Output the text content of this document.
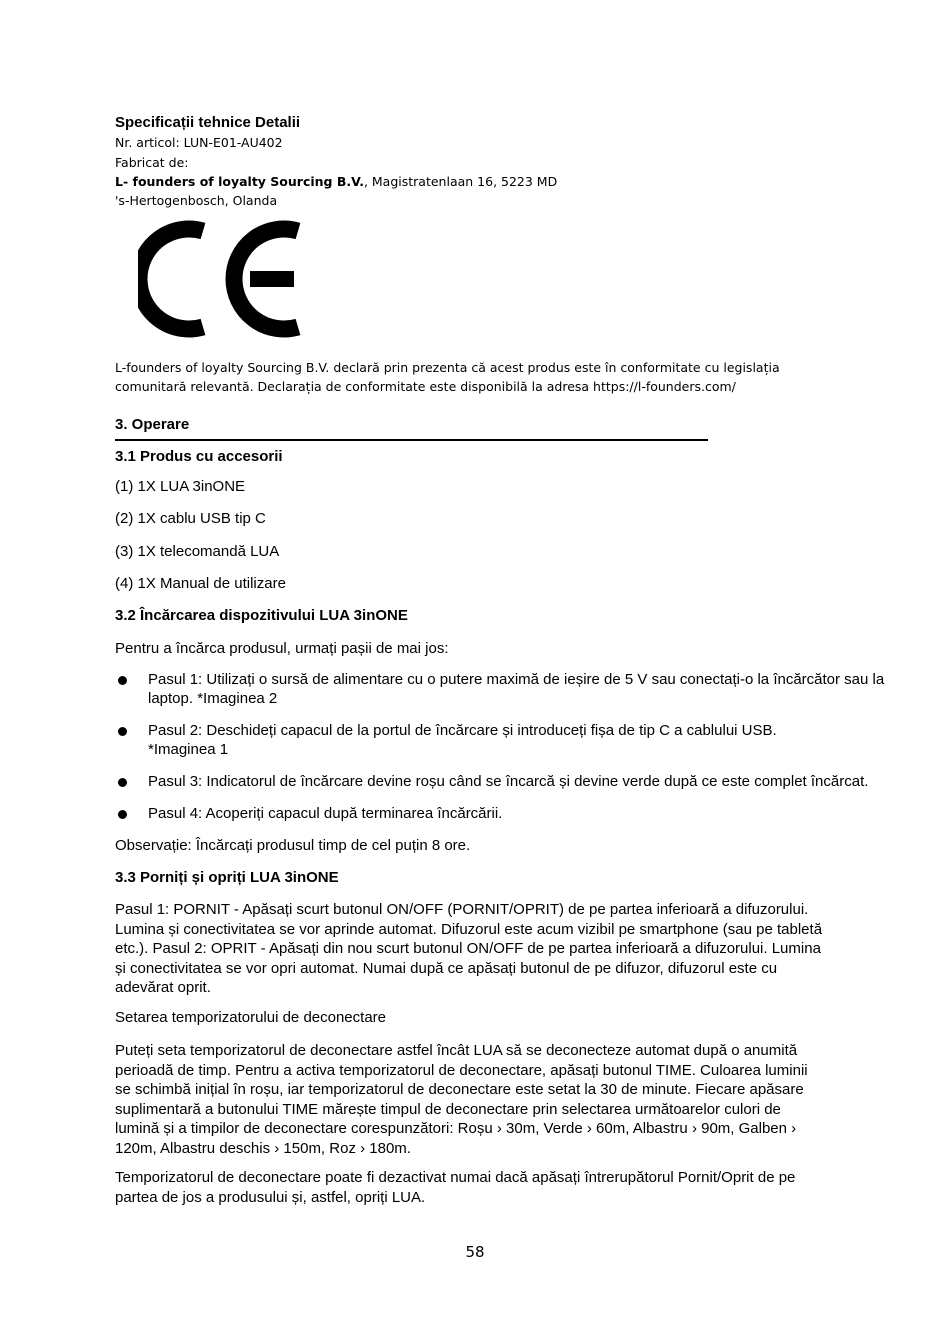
Specificații tehnice Detalii
Nr. articol: LUN-E01-AU402
Fabricat de:
L- founders of loyalty Sourcing B.V., Magistratenlaan 16, 5223 MD
's-Hertogenbosch, Olanda
L-founders of loyalty Sourcing B.V. declară prin prezenta că acest produs este în conformitate cu legislația
comunitară relevantă. Declarația de conformitate este disponibilă la adresa https://l-founders.com/
3. Operare
3.1 Produs cu accesorii
(1) 1X LUA 3inONE
(2) 1X cablu USB tip C
(3) 1X telecomandă LUA
(4) 1X Manual de utilizare
3.2 Încărcarea dispozitivului LUA 3inONE
Pentru a încărca produsul, urmați pașii de mai jos:
Pasul 1: Utilizați o sursă de alimentare cu o putere maximă de ieșire de 5 V sau conectați-o la încărcător sau la
laptop. *Imaginea 2
Pasul 2: Deschideți capacul de la portul de încărcare și introduceți fișa de tip C a cablului USB.
*Imaginea 1
Pasul 3: Indicatorul de încărcare devine roșu când se încarcă și devine verde după ce este complet încărcat.
Pasul 4: Acoperiți capacul după terminarea încărcării.
Observație: Încărcați produsul timp de cel puțin 8 ore.
3.3 Porniți și opriți LUA 3inONE
Pasul 1: PORNIT - Apăsați scurt butonul ON/OFF (PORNIT/OPRIT) de pe partea inferioară a difuzorului. Lumina și conectivitatea se vor aprinde automat. Difuzorul este acum vizibil pe smartphone (sau pe tabletă etc.). Pasul 2: OPRIT - Apăsați din nou scurt butonul ON/OFF de pe partea inferioară a difuzorului. Lumina și conectivitatea se vor opri automat. Numai după ce apăsați butonul de pe difuzor, difuzorul este cu adevărat oprit.
Setarea temporizatorului de deconectare
Puteți seta temporizatorul de deconectare astfel încât LUA să se deconecteze automat după o anumită perioadă de timp. Pentru a activa temporizatorul de deconectare, apăsați butonul TIME. Culoarea luminii se schimbă inițial în roșu, iar temporizatorul de deconectare este setat la 30 de minute. Fiecare apăsare suplimentară a butonului TIME mărește timpul de deconectare prin selectarea următoarelor culori de lumină și a timpilor de deconectare corespunzători: Roșu › 30m, Verde › 60m, Albastru › 90m, Galben › 120m, Albastru deschis › 150m, Roz › 180m.
Temporizatorul de deconectare poate fi dezactivat numai dacă apăsați întrerupătorul Pornit/Oprit de pe partea de jos a produsului și, astfel, opriți LUA.
58
